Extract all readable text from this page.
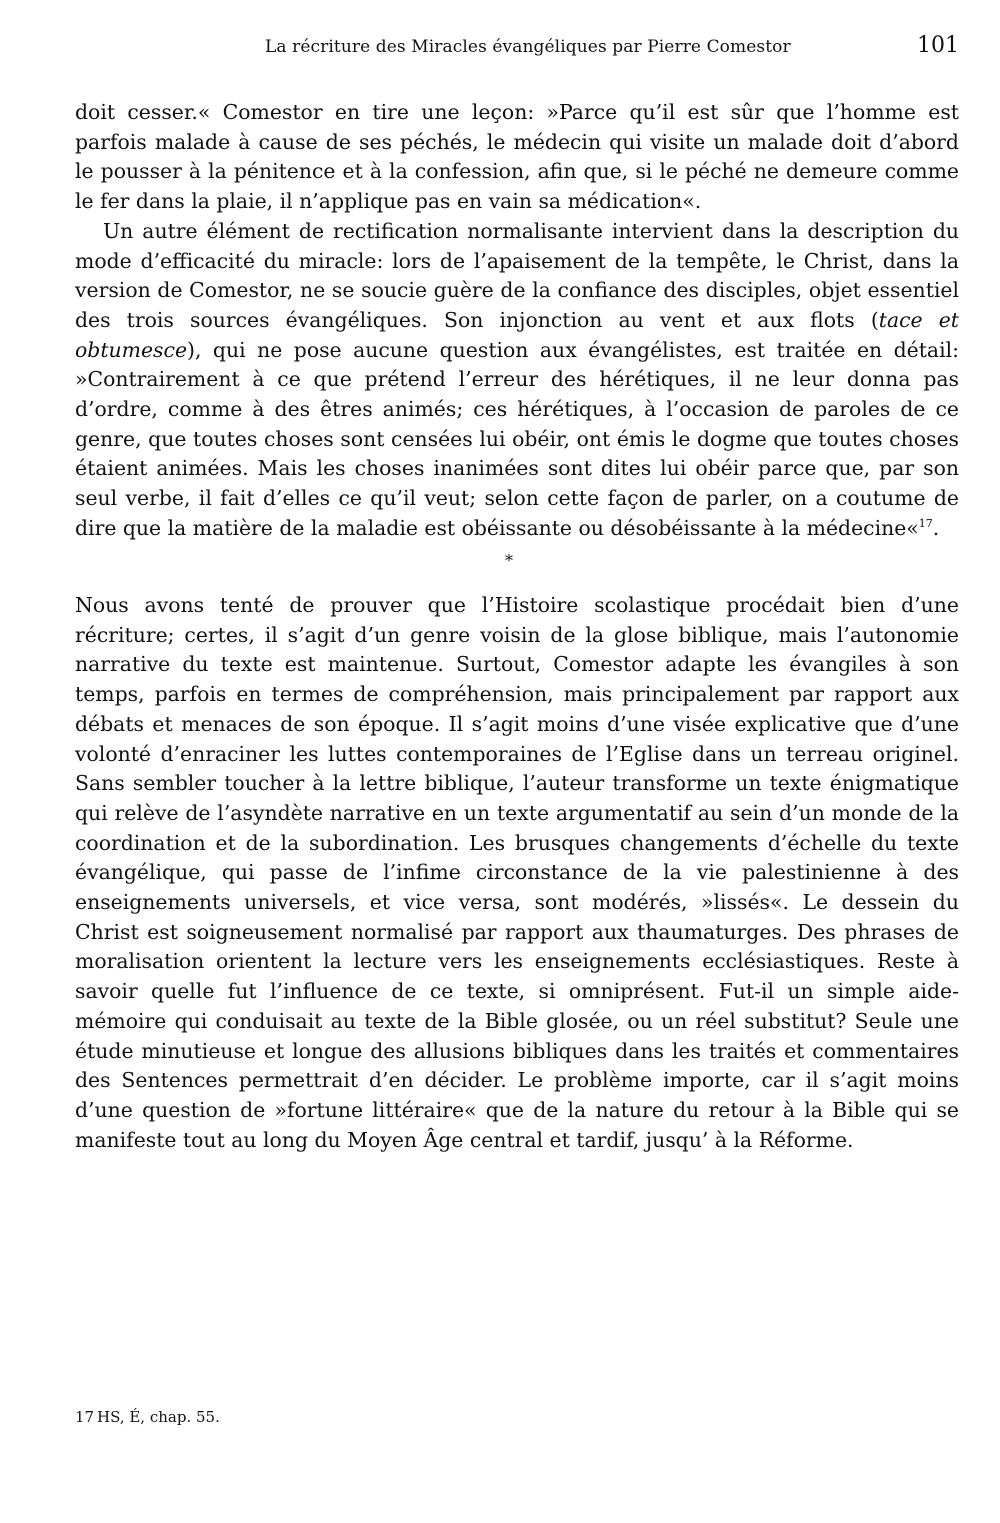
La récriture des Miracles évangéliques par Pierre Comestor	101

doit cesser.« Comestor en tire une leçon: »Parce qu’il est sûr que l’homme est parfois malade à cause de ses péchés, le médecin qui visite un malade doit d’abord le pousser à la pénitence et à la confession, afin que, si le péché ne demeure comme le fer dans la plaie, il n’applique pas en vain sa médication«.

Un autre élément de rectification normalisante intervient dans la description du mode d’efficacité du miracle: lors de l’apaisement de la tempête, le Christ, dans la version de Comestor, ne se soucie guère de la confiance des disciples, objet essentiel des trois sources évangéliques. Son injonction au vent et aux flots (tace et obtumesce), qui ne pose aucune question aux évangélistes, est traitée en détail: »Contrairement à ce que prétend l’erreur des hérétiques, il ne leur donna pas d’ordre, comme à des êtres animés; ces hérétiques, à l’occasion de paroles de ce genre, que toutes choses sont censées lui obéir, ont émis le dogme que toutes choses étaient animées. Mais les choses inanimées sont dites lui obéir parce que, par son seul verbe, il fait d’elles ce qu’il veut; selon cette façon de parler, on a coutume de dire que la matière de la maladie est obéissante ou désobéissante à la médecine«$^{17}$.

*

Nous avons tenté de prouver que l’Histoire scolastique procédait bien d’une récriture; certes, il s’agit d’un genre voisin de la glose biblique, mais l’autonomie narrative du texte est maintenue. Surtout, Comestor adapte les évangiles à son temps, parfois en termes de compréhension, mais principalement par rapport aux débats et menaces de son époque. Il s’agit moins d’une visée explicative que d’une volonté d’enraciner les luttes contemporaines de l’Eglise dans un terreau originel. Sans sembler toucher à la lettre biblique, l’auteur transforme un texte énigmatique qui relève de l’asyndète narrative en un texte argumentatif au sein d’un monde de la coordination et de la subordination. Les brusques changements d’échelle du texte évangélique, qui passe de l’infime circonstance de la vie palestinienne à des enseignements universels, et vice versa, sont modérés, »lissés«. Le dessein du Christ est soigneusement normalisé par rapport aux thaumaturges. Des phrases de moralisation orientent la lecture vers les enseignements ecclésiastiques. Reste à savoir quelle fut l’influence de ce texte, si omniprésent. Fut-il un simple aide-mémoire qui conduisait au texte de la Bible glosée, ou un réel substitut? Seule une étude minutieuse et longue des allusions bibliques dans les traités et commentaires des Sentences permettrait d’en décider. Le problème importe, car il s’agit moins d’une question de »fortune littéraire« que de la nature du retour à la Bible qui se manifeste tout au long du Moyen Âge central et tardif, jusqu’ à la Réforme.

17 HS, É, chap. 55.
